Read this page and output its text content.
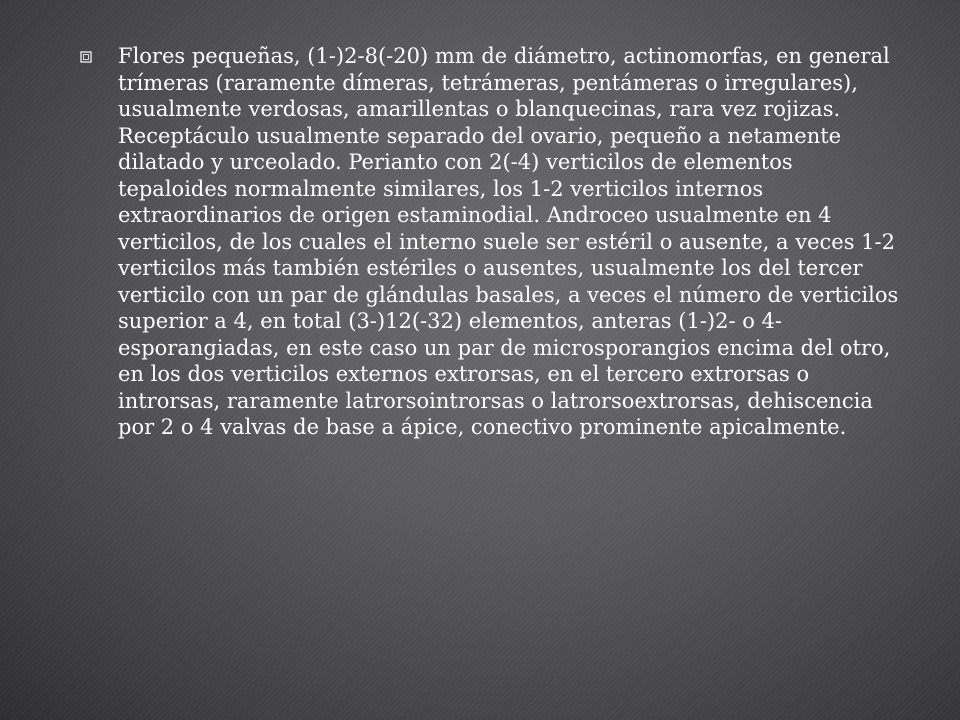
Flores pequeñas, (1-)2-8(-20) mm de diámetro, actinomorfas, en general trímeras (raramente dímeras, tetrámeras, pentámeras o irregulares), usualmente verdosas, amarillentas o blanquecinas, rara vez rojizas. Receptáculo usualmente separado del ovario, pequeño a netamente dilatado y urceolado. Perianto con 2(-4) verticilos de elementos tepaloides normalmente similares, los 1-2 verticilos internos extraordinarios de origen estaminodial. Androceo usualmente en 4 verticilos, de los cuales el interno suele ser estéril o ausente, a veces 1-2 verticilos más también estériles o ausentes, usualmente los del tercer verticilo con un par de glándulas basales, a veces el número de verticilos superior a 4, en total (3-)12(-32) elementos, anteras (1-)2- o 4-esporangiadas, en este caso un par de microsporangios encima del otro, en los dos verticilos externos extrorsas, en el tercero extrorsas o introrsas, raramente latrorsointrorsas o latrorsoextrorsas, dehiscencia por 2 o 4 valvas de base a ápice, conectivo prominente apicalmente.
